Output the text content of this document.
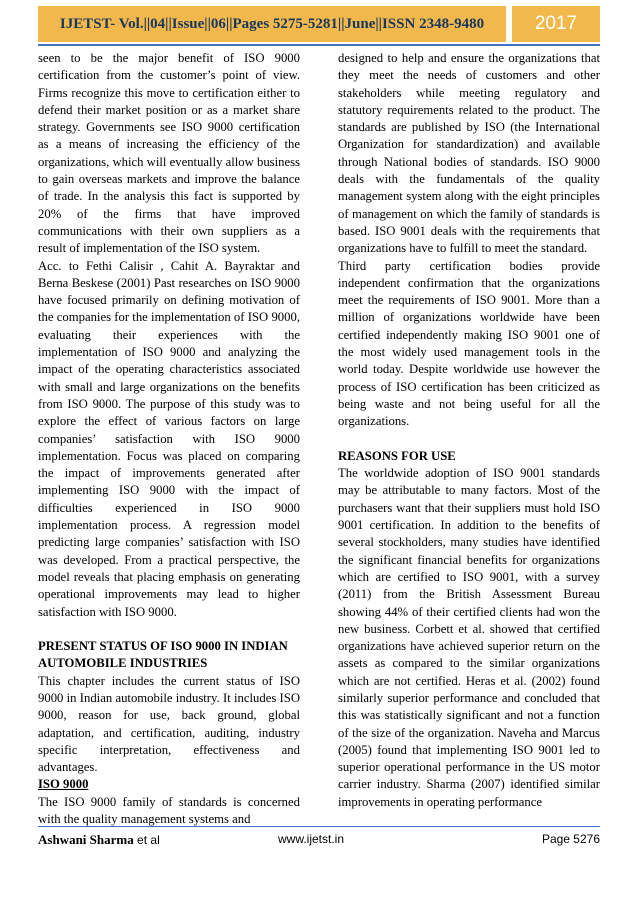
IJETST- Vol.||04||Issue||06||Pages 5275-5281||June||ISSN 2348-9480	2017

seen to be the major benefit of ISO 9000 certification from the customer’s point of view. Firms recognize this move to certification either to defend their market position or as a market share strategy. Governments see ISO 9000 certification as a means of increasing the efficiency of the organizations, which will eventually allow business to gain overseas markets and improve the balance of trade. In the analysis this fact is supported by 20% of the firms that have improved communications with their own suppliers as a result of implementation of the ISO system.

Acc. to Fethi Calisir , Cahit A. Bayraktar and Berna Beskese (2001) Past researches on ISO 9000 have focused primarily on defining motivation of the companies for the implementation of ISO 9000, evaluating their experiences with the implementation of ISO 9000 and analyzing the impact of the operating characteristics associated with small and large organizations on the benefits from ISO 9000. The purpose of this study was to explore the effect of various factors on large companies’ satisfaction with ISO 9000 implementation. Focus was placed on comparing the impact of improvements generated after implementing ISO 9000 with the impact of difficulties experienced in ISO 9000 implementation process. A regression model predicting large companies’ satisfaction with ISO was developed. From a practical perspective, the model reveals that placing emphasis on generating operational improvements may lead to higher satisfaction with ISO 9000.

PRESENT STATUS OF ISO 9000 IN INDIAN AUTOMOBILE INDUSTRIES

This chapter includes the current status of ISO 9000 in Indian automobile industry. It includes ISO 9000, reason for use, back ground, global adaptation, and certification, auditing, industry specific interpretation, effectiveness and advantages.

ISO 9000

The ISO 9000 family of standards is concerned with the quality management systems and

designed to help and ensure the organizations that they meet the needs of customers and other stakeholders while meeting regulatory and statutory requirements related to the product. The standards are published by ISO (the International Organization for standardization) and available through National bodies of standards. ISO 9000 deals with the fundamentals of the quality management system along with the eight principles of management on which the family of standards is based. ISO 9001 deals with the requirements that organizations have to fulfill to meet the standard.

Third party certification bodies provide independent confirmation that the organizations meet the requirements of ISO 9001. More than a million of organizations worldwide have been certified independently making ISO 9001 one of the most widely used management tools in the world today. Despite worldwide use however the process of ISO certification has been criticized as being waste and not being useful for all the organizations.

REASONS FOR USE

The worldwide adoption of ISO 9001 standards may be attributable to many factors. Most of the purchasers want that their suppliers must hold ISO 9001 certification. In addition to the benefits of several stockholders, many studies have identified the significant financial benefits for organizations which are certified to ISO 9001, with a survey (2011) from the British Assessment Bureau showing 44% of their certified clients had won the new business. Corbett et al. showed that certified organizations have achieved superior return on the assets as compared to the similar organizations which are not certified. Heras et al. (2002) found similarly superior performance and concluded that this was statistically significant and not a function of the size of the organization. Naveha and Marcus (2005) found that implementing ISO 9001 led to superior operational performance in the US motor carrier industry. Sharma (2007) identified similar improvements in operating performance

Ashwani Sharma et al	www.ijetst.in	Page 5276
